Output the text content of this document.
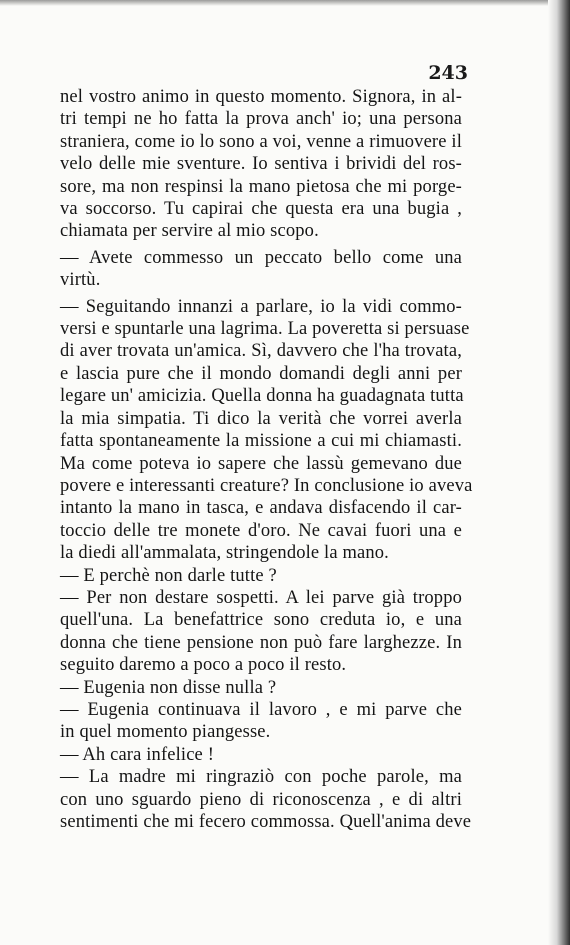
243
nel vostro animo in questo momento. Signora, in al-
tri tempi ne ho fatta la prova anch' io; una persona
straniera, come io lo sono a voi, venne a rimuovere il
velo delle mie sventure. Io sentiva i brividi del ros-
sore, ma non respinsi la mano pietosa che mi porge-
va soccorso. Tu capirai che questa era una bugia ,
chiamata per servire al mio scopo.
— Avete commesso un peccato bello come una
virtù.
— Seguitando innanzi a parlare, io la vidi commo-
versi e spuntarle una lagrima. La poveretta si persuase
di aver trovata un'amica. Sì, davvero che l'ha trovata,
e lascia pure che il mondo domandi degli anni per
legare un' amicizia. Quella donna ha guadagnata tutta
la mia simpatia. Ti dico la verità che vorrei averla
fatta spontaneamente la missione a cui mi chiamasti.
Ma come poteva io sapere che lassù gemevano due
povere e interessanti creature? In conclusione io aveva
intanto la mano in tasca, e andava disfacendo il car-
toccio delle tre monete d'oro. Ne cavai fuori una e
la diedi all'ammalata, stringendole la mano.
— E perchè non darle tutte ?
— Per non destare sospetti. A lei parve già troppo
quell'una. La benefattrice sono creduta io, e una
donna che tiene pensione non può fare larghezze. In
seguito daremo a poco a poco il resto.
— Eugenia non disse nulla ?
— Eugenia continuava il lavoro , e mi parve che
in quel momento piangesse.
— Ah cara infelice !
— La madre mi ringraziò con poche parole, ma
con uno sguardo pieno di riconoscenza , e di altri
sentimenti che mi fecero commossa. Quell'anima deve
